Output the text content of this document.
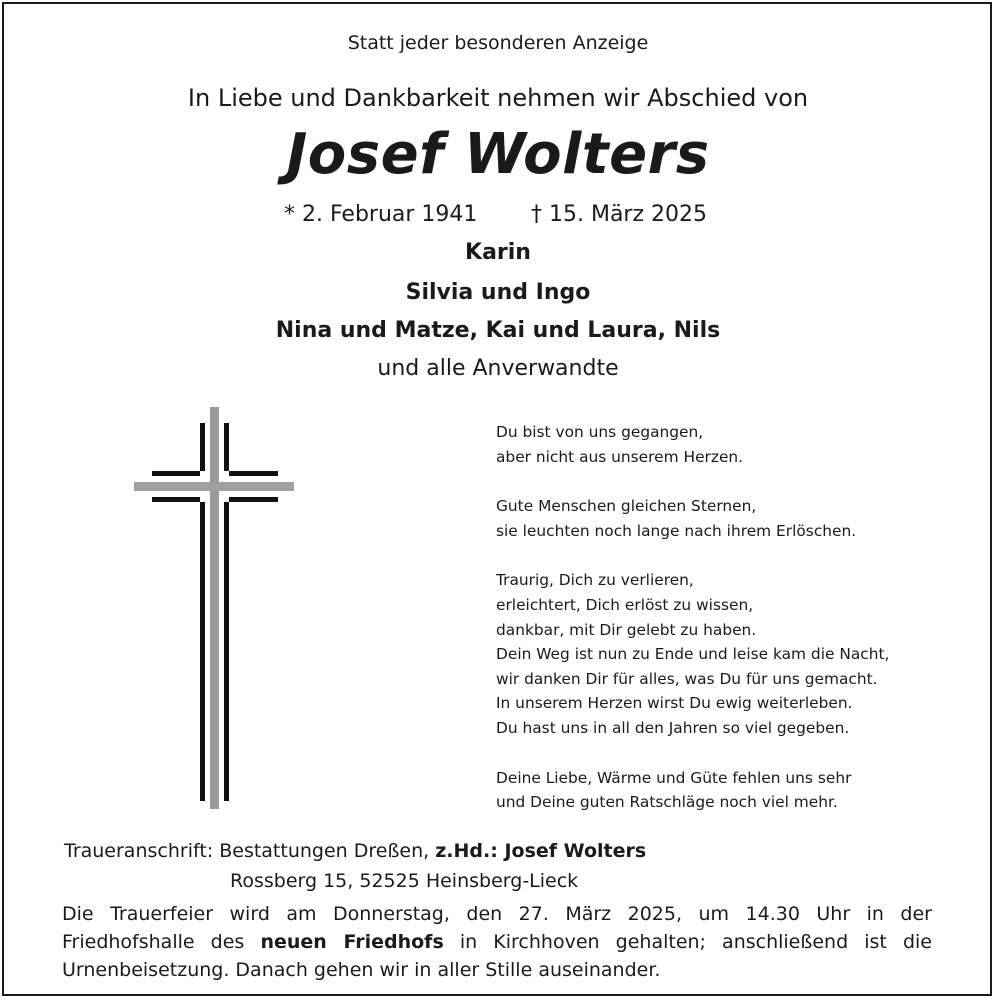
Statt jeder besonderen Anzeige
In Liebe und Dankbarkeit nehmen wir Abschied von
Josef Wolters
* 2. Februar 1941 † 15. März 2025
Karin
Silvia und Ingo
Nina und Matze, Kai und Laura, Nils
und alle Anverwandte
Du bist von uns gegangen,
aber nicht aus unserem Herzen.
Gute Menschen gleichen Sternen,
sie leuchten noch lange nach ihrem Erlöschen.
Traurig, Dich zu verlieren,
erleichtert, Dich erlöst zu wissen,
dankbar, mit Dir gelebt zu haben.
Dein Weg ist nun zu Ende und leise kam die Nacht,
wir danken Dir für alles, was Du für uns gemacht.
In unserem Herzen wirst Du ewig weiterleben.
Du hast uns in all den Jahren so viel gegeben.
Deine Liebe, Wärme und Güte fehlen uns sehr
und Deine guten Ratschläge noch viel mehr.
Traueranschrift: Bestattungen Dreßen, z.Hd.: Josef Wolters
Rossberg 15, 52525 Heinsberg-Lieck
Die Trauerfeier wird am Donnerstag, den 27. März 2025, um 14.30 Uhr in der
Friedhofshalle des neuen Friedhofs in Kirchhoven gehalten; anschließend ist die
Urnenbeisetzung. Danach gehen wir in aller Stille auseinander.
